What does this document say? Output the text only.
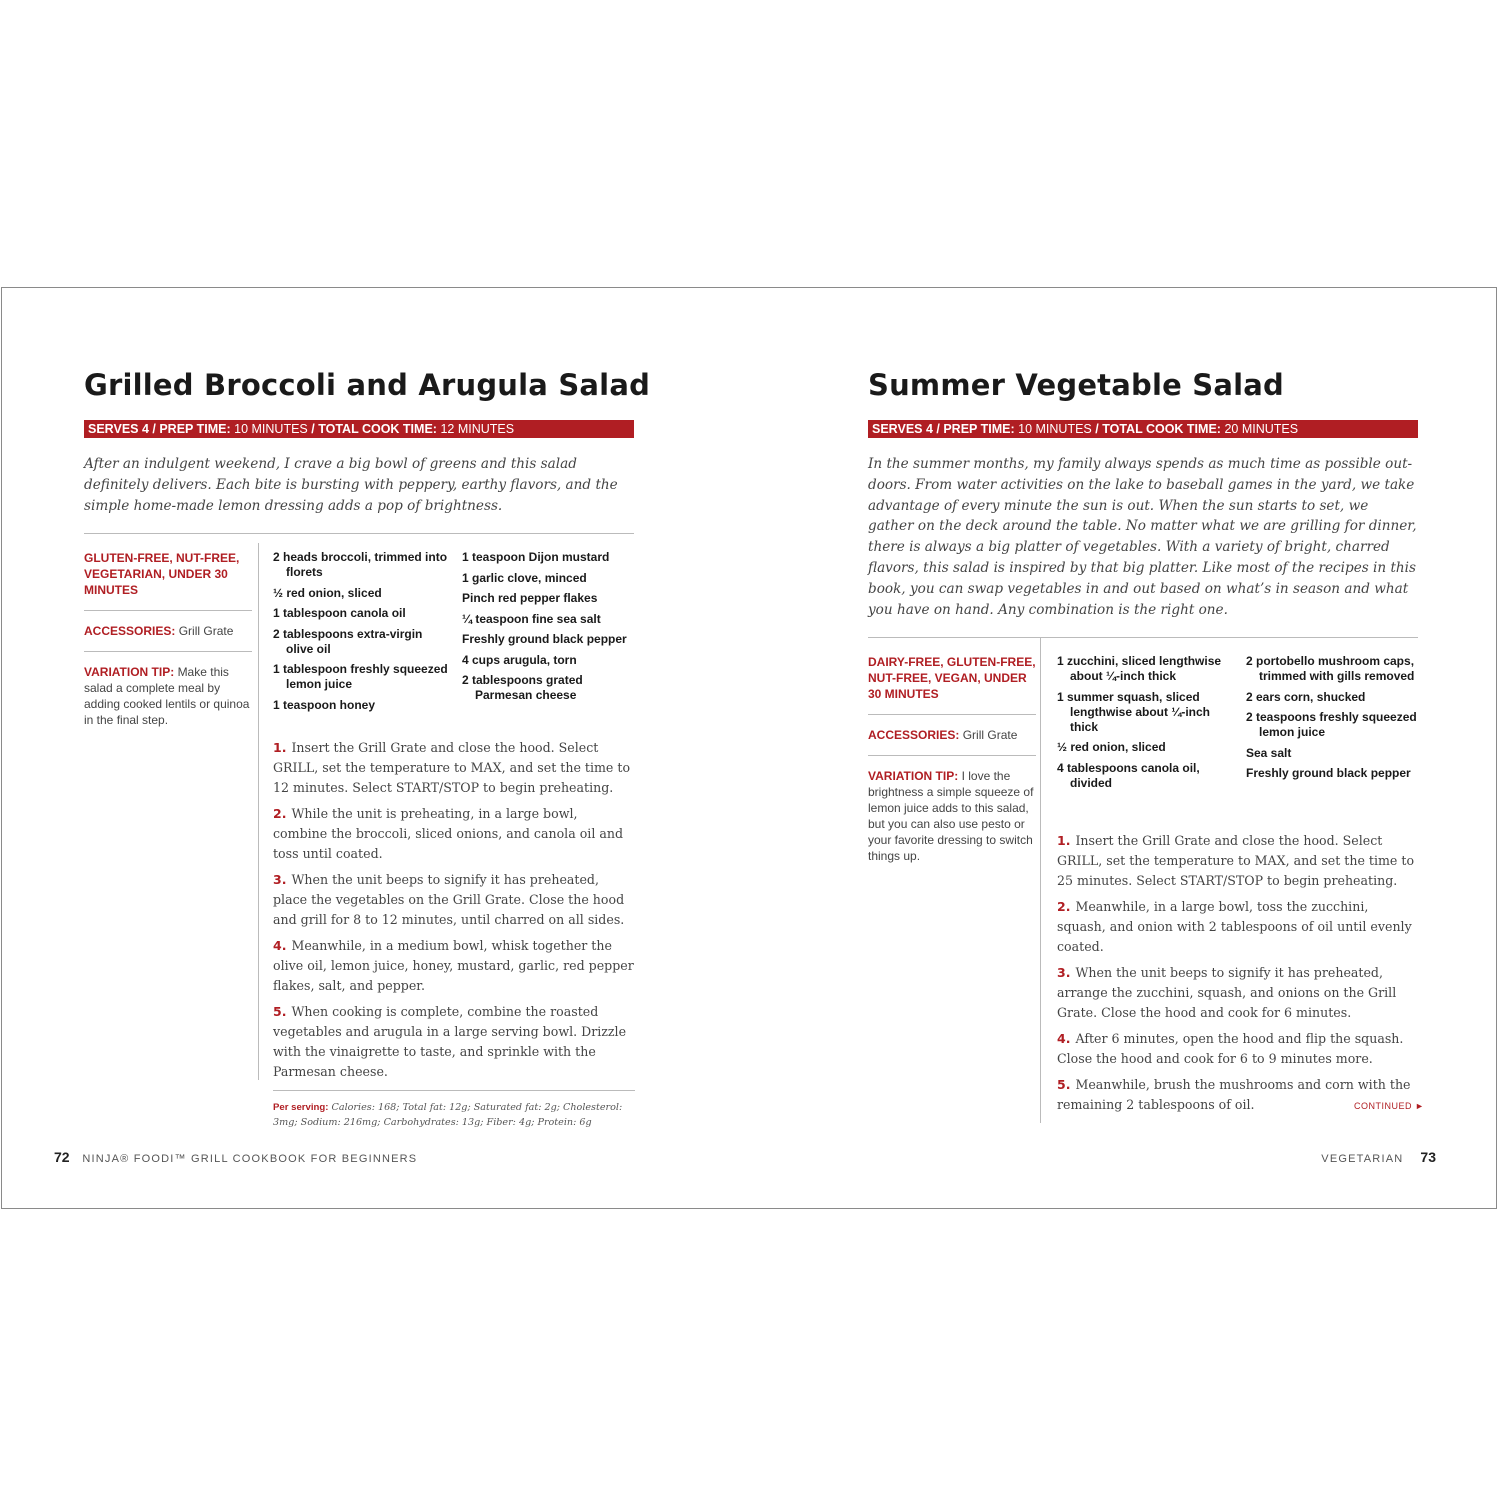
Grilled Broccoli and Arugula Salad
SERVES 4 / PREP TIME: 10 MINUTES / TOTAL COOK TIME: 12 MINUTES

After an indulgent weekend, I crave a big bowl of greens and this salad definitely delivers. Each bite is bursting with peppery, earthy flavors, and the simple home-made lemon dressing adds a pop of brightness.

GLUTEN-FREE, NUT-FREE, VEGETARIAN, UNDER 30 MINUTES

ACCESSORIES: Grill Grate

VARIATION TIP: Make this salad a complete meal by adding cooked lentils or quinoa in the final step.

2 heads broccoli, trimmed into florets

½ red onion, sliced

1 tablespoon canola oil

2 tablespoons extra-virgin olive oil

1 tablespoon freshly squeezed lemon juice

1 teaspoon honey

1 teaspoon Dijon mustard

1 garlic clove, minced

Pinch red pepper flakes

¼ teaspoon fine sea salt

Freshly ground black pepper

4 cups arugula, torn

2 tablespoons grated Parmesan cheese

1. Insert the Grill Grate and close the hood. Select GRILL, set the temperature to MAX, and set the time to 12 minutes. Select START/STOP to begin preheating.

2. While the unit is preheating, in a large bowl, combine the broccoli, sliced onions, and canola oil and toss until coated.

3. When the unit beeps to signify it has preheated, place the vegetables on the Grill Grate. Close the hood and grill for 8 to 12 minutes, until charred on all sides.

4. Meanwhile, in a medium bowl, whisk together the olive oil, lemon juice, honey, mustard, garlic, red pepper flakes, salt, and pepper.

5. When cooking is complete, combine the roasted vegetables and arugula in a large serving bowl. Drizzle with the vinaigrette to taste, and sprinkle with the Parmesan cheese.

Per serving: Calories: 168; Total fat: 12g; Saturated fat: 2g; Cholesterol: 3mg; Sodium: 216mg; Carbohydrates: 13g; Fiber: 4g; Protein: 6g
72 NINJA® FOODI™ GRILL COOKBOOK FOR BEGINNERS
Summer Vegetable Salad
SERVES 4 / PREP TIME: 10 MINUTES / TOTAL COOK TIME: 20 MINUTES

In the summer months, my family always spends as much time as possible out-doors. From water activities on the lake to baseball games in the yard, we take advantage of every minute the sun is out. When the sun starts to set, we gather on the deck around the table. No matter what we are grilling for dinner, there is always a big platter of vegetables. With a variety of bright, charred flavors, this salad is inspired by that big platter. Like most of the recipes in this book, you can swap vegetables in and out based on what’s in season and what you have on hand. Any combination is the right one.

DAIRY-FREE, GLUTEN-FREE, NUT-FREE, VEGAN, UNDER 30 MINUTES

ACCESSORIES: Grill Grate

VARIATION TIP: I love the brightness a simple squeeze of lemon juice adds to this salad, but you can also use pesto or your favorite dressing to switch things up.

1 zucchini, sliced lengthwise about ¼-inch thick

1 summer squash, sliced lengthwise about ¼-inch thick

½ red onion, sliced

4 tablespoons canola oil, divided

2 portobello mushroom caps, trimmed with gills removed

2 ears corn, shucked

2 teaspoons freshly squeezed lemon juice

Sea salt

Freshly ground black pepper

1. Insert the Grill Grate and close the hood. Select GRILL, set the temperature to MAX, and set the time to 25 minutes. Select START/STOP to begin preheating.

2. Meanwhile, in a large bowl, toss the zucchini, squash, and onion with 2 tablespoons of oil until evenly coated.

3. When the unit beeps to signify it has preheated, arrange the zucchini, squash, and onions on the Grill Grate. Close the hood and cook for 6 minutes.

4. After 6 minutes, open the hood and flip the squash. Close the hood and cook for 6 to 9 minutes more.

5. Meanwhile, brush the mushrooms and corn with the remaining 2 tablespoons of oil.	CONTINUED ►
VEGETARIAN 73
